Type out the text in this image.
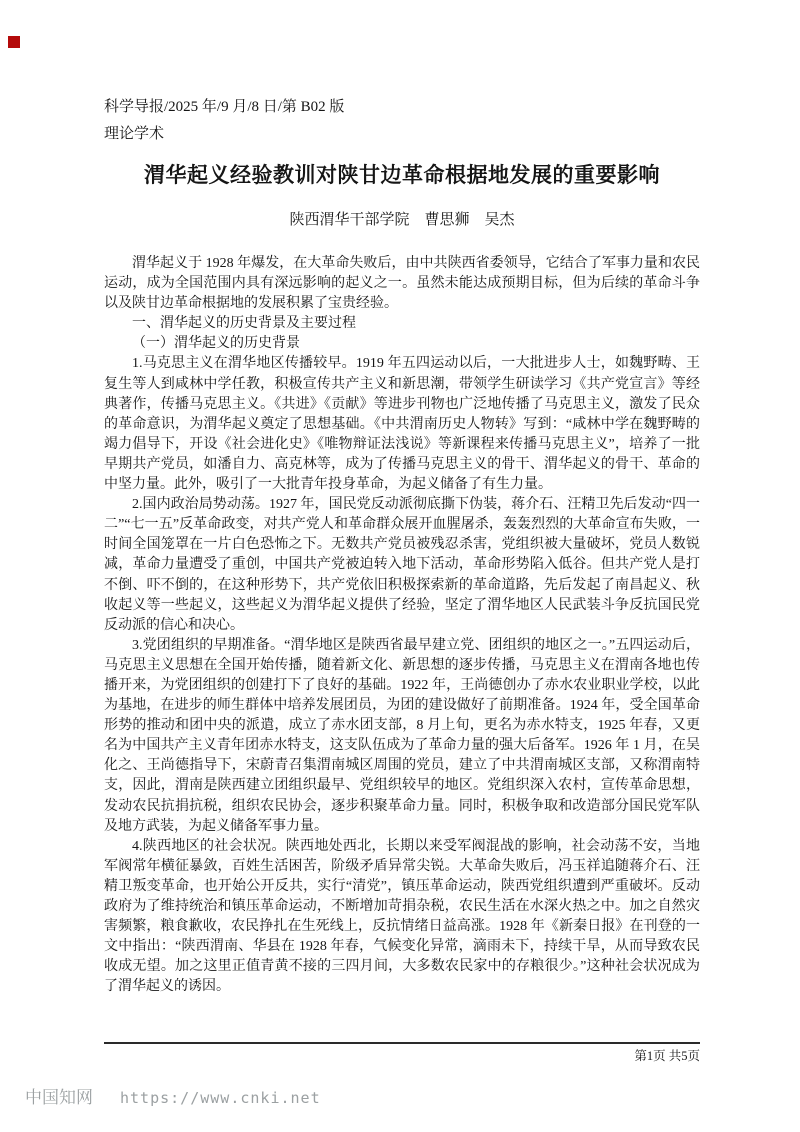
科学导报/2025 年/9 月/8 日/第 B02 版
理论学术
渭华起义经验教训对陕甘边革命根据地发展的重要影响
陕西渭华干部学院　曹思狮　吴杰

渭华起义于 1928 年爆发，在大革命失败后，由中共陕西省委领导，它结合了军事力量和农民运动，成为全国范围内具有深远影响的起义之一。虽然未能达成预期目标，但为后续的革命斗争以及陕甘边革命根据地的发展积累了宝贵经验。

一、渭华起义的历史背景及主要过程

（一）渭华起义的历史背景

1.马克思主义在渭华地区传播较早。1919 年五四运动以后，一大批进步人士，如魏野畴、王复生等人到咸林中学任教，积极宣传共产主义和新思潮，带领学生研读学习《共产党宣言》等经典著作，传播马克思主义。《共进》《贡献》等进步刊物也广泛地传播了马克思主义，激发了民众的革命意识，为渭华起义奠定了思想基础。《中共渭南历史人物转》写到：“咸林中学在魏野畴的竭力倡导下，开设《社会进化史》《唯物辩证法浅说》等新课程来传播马克思主义”，培养了一批早期共产党员，如潘自力、高克林等，成为了传播马克思主义的骨干、渭华起义的骨干、革命的中坚力量。此外，吸引了一大批青年投身革命，为起义储备了有生力量。

2.国内政治局势动荡。1927 年，国民党反动派彻底撕下伪装，蒋介石、汪精卫先后发动“四一二”“七一五”反革命政变，对共产党人和革命群众展开血腥屠杀，轰轰烈烈的大革命宣布失败，一时间全国笼罩在一片白色恐怖之下。无数共产党员被残忍杀害，党组织被大量破坏，党员人数锐减，革命力量遭受了重创，中国共产党被迫转入地下活动，革命形势陷入低谷。但共产党人是打不倒、吓不倒的，在这种形势下，共产党依旧积极探索新的革命道路，先后发起了南昌起义、秋收起义等一些起义，这些起义为渭华起义提供了经验，坚定了渭华地区人民武装斗争反抗国民党反动派的信心和决心。

3.党团组织的早期准备。“渭华地区是陕西省最早建立党、团组织的地区之一。”五四运动后，马克思主义思想在全国开始传播，随着新文化、新思想的逐步传播，马克思主义在渭南各地也传播开来，为党团组织的创建打下了良好的基础。1922 年，王尚德创办了赤水农业职业学校，以此为基地，在进步的师生群体中培养发展团员，为团的建设做好了前期准备。1924 年，受全国革命形势的推动和团中央的派遣，成立了赤水团支部，8 月上旬，更名为赤水特支，1925 年春，又更名为中国共产主义青年团赤水特支，这支队伍成为了革命力量的强大后备军。1926 年 1 月，在吴化之、王尚德指导下，宋蔚青召集渭南城区周围的党员，建立了中共渭南城区支部，又称渭南特支，因此，渭南是陕西建立团组织最早、党组织较早的地区。党组织深入农村，宣传革命思想，发动农民抗捐抗税，组织农民协会，逐步积聚革命力量。同时，积极争取和改造部分国民党军队及地方武装，为起义储备军事力量。

4.陕西地区的社会状况。陕西地处西北，长期以来受军阀混战的影响，社会动荡不安，当地军阀常年横征暴敛，百姓生活困苦，阶级矛盾异常尖锐。大革命失败后，冯玉祥追随蒋介石、汪精卫叛变革命，也开始公开反共，实行“清党”，镇压革命运动，陕西党组织遭到严重破坏。反动政府为了维持统治和镇压革命运动，不断增加苛捐杂税，农民生活在水深火热之中。加之自然灾害频繁，粮食歉收，农民挣扎在生死线上，反抗情绪日益高涨。1928 年《新秦日报》在刊登的一文中指出：“陕西渭南、华县在 1928 年春，气候变化异常，滴雨未下，持续干旱，从而导致农民收成无望。加之这里正值青黄不接的三四月间，大多数农民家中的存粮很少。”这种社会状况成为了渭华起义的诱因。

第1页 共5页
中国知网 https://www.cnki.net
